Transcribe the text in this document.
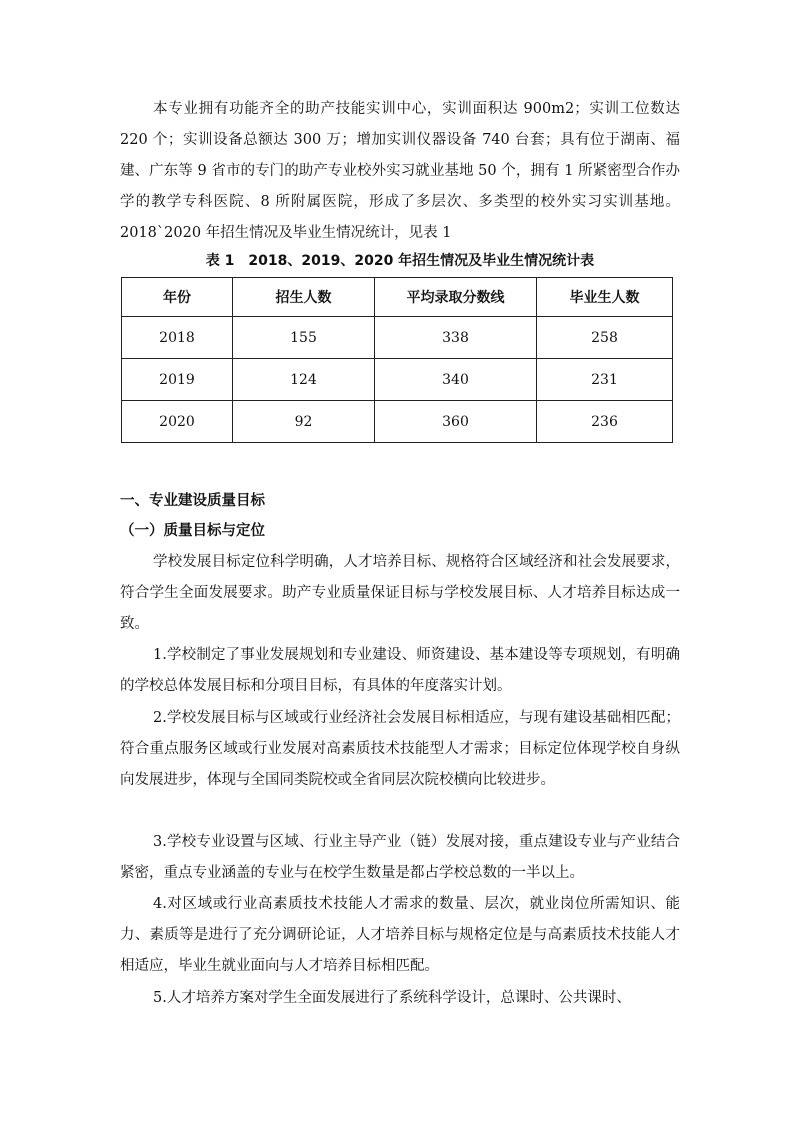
本专业拥有功能齐全的助产技能实训中心，实训面积达 900m2；实训工位数达 220 个；实训设备总额达 300 万；增加实训仪器设备 740 台套；具有位于湖南、福建、广东等 9 省市的专门的助产专业校外实习就业基地 50 个，拥有 1 所紧密型合作办学的教学专科医院、8 所附属医院，形成了多层次、多类型的校外实习实训基地。2018`2020 年招生情况及毕业生情况统计，见表 1

表 1　2018、2019、2020 年招生情况及毕业生情况统计表
年份	招生人数	平均录取分数线	毕业生人数
2018	155	338	258
2019	124	340	231
2020	92	360	236
一、专业建设质量目标
（一）质量目标与定位

学校发展目标定位科学明确，人才培养目标、规格符合区域经济和社会发展要求，符合学生全面发展要求。助产专业质量保证目标与学校发展目标、人才培养目标达成一致。

1.学校制定了事业发展规划和专业建设、师资建设、基本建设等专项规划，有明确的学校总体发展目标和分项目目标，有具体的年度落实计划。

2.学校发展目标与区域或行业经济社会发展目标相适应，与现有建设基础相匹配；符合重点服务区域或行业发展对高素质技术技能型人才需求；目标定位体现学校自身纵向发展进步，体现与全国同类院校或全省同层次院校横向比较进步。

3.学校专业设置与区域、行业主导产业（链）发展对接，重点建设专业与产业结合紧密，重点专业涵盖的专业与在校学生数量是都占学校总数的一半以上。

4.对区域或行业高素质技术技能人才需求的数量、层次，就业岗位所需知识、能力、素质等是进行了充分调研论证，人才培养目标与规格定位是与高素质技术技能人才相适应，毕业生就业面向与人才培养目标相匹配。

5.人才培养方案对学生全面发展进行了系统科学设计，总课时、公共课时、
